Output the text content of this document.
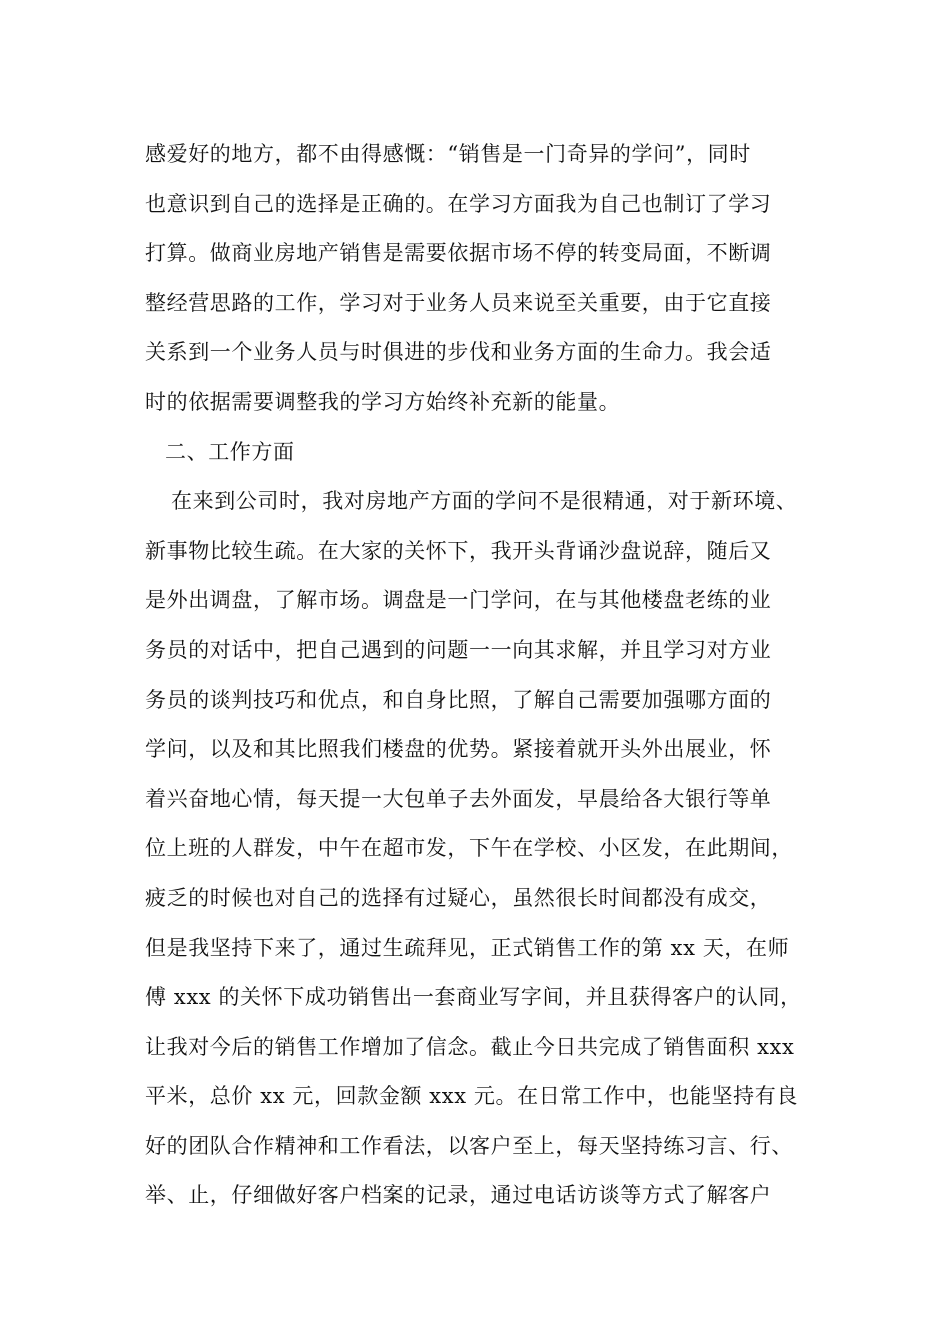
感爱好的地方，都不由得感慨：“销售是一门奇异的学问”，同时
也意识到自己的选择是正确的。在学习方面我为自己也制订了学习
打算。做商业房地产销售是需要依据市场不停的转变局面，不断调
整经营思路的工作，学习对于业务人员来说至关重要，由于它直接
关系到一个业务人员与时俱进的步伐和业务方面的生命力。我会适
时的依据需要调整我的学习方始终补充新的能量。
二、工作方面
在来到公司时，我对房地产方面的学问不是很精通，对于新环境、
新事物比较生疏。在大家的关怀下，我开头背诵沙盘说辞，随后又
是外出调盘，了解市场。调盘是一门学问，在与其他楼盘老练的业
务员的对话中，把自己遇到的问题一一向其求解，并且学习对方业
务员的谈判技巧和优点，和自身比照，了解自己需要加强哪方面的
学问，以及和其比照我们楼盘的优势。紧接着就开头外出展业，怀
着兴奋地心情，每天提一大包单子去外面发，早晨给各大银行等单
位上班的人群发，中午在超市发，下午在学校、小区发，在此期间，
疲乏的时候也对自己的选择有过疑心，虽然很长时间都没有成交，
但是我坚持下来了，通过生疏拜见，正式销售工作的第 xx 天，在师
傅 xxx 的关怀下成功销售出一套商业写字间，并且获得客户的认同，
让我对今后的销售工作增加了信念。截止今日共完成了销售面积 xxx
平米，总价 xx 元，回款金额 xxx 元。在日常工作中，也能坚持有良
好的团队合作精神和工作看法，以客户至上，每天坚持练习言、行、
举、止，仔细做好客户档案的记录，通过电话访谈等方式了解客户
